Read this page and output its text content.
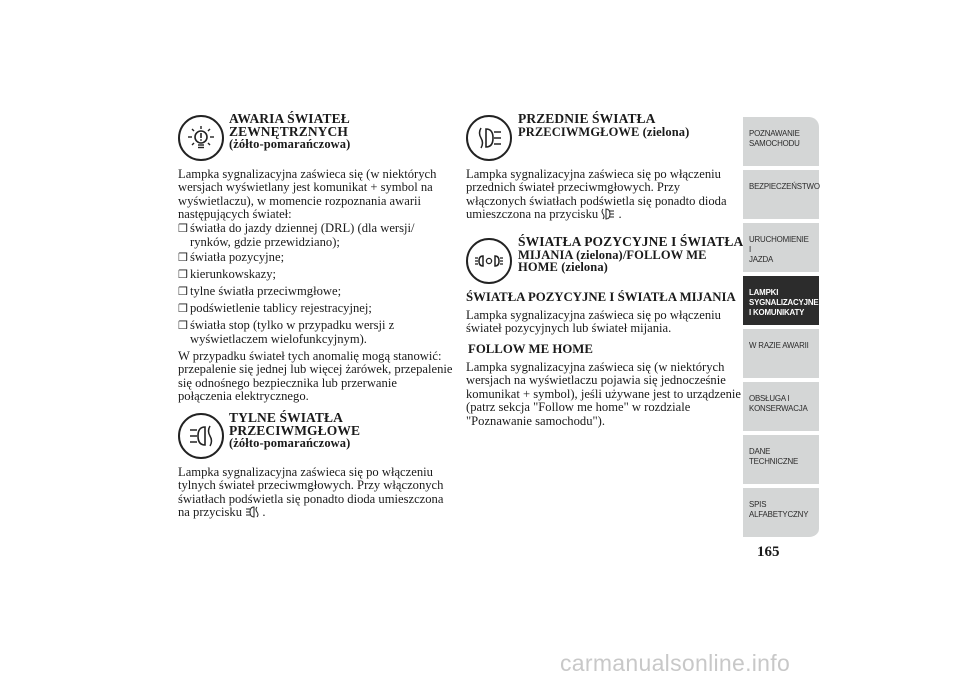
AWARIA ŚWIATEŁ
ZEWNĘTRZNYCH
(żółto-pomarańczowa)
Lampka sygnalizacyjna zaświeca się (w niektórych
wersjach wyświetlany jest komunikat + symbol na
wyświetlaczu), w momencie rozpoznania awarii
następujących świateł:
❒ światła do jazdy dziennej (DRL) (dla wersji/
rynków, gdzie przewidziano);
❒ światła pozycyjne;
❒ kierunkowskazy;
❒ tylne światła przeciwmgłowe;
❒ podświetlenie tablicy rejestracyjnej;
❒ światła stop (tylko w przypadku wersji z
wyświetlaczem wielofunkcyjnym).
W przypadku świateł tych anomalię mogą stanowić:
przepalenie się jednej lub więcej żarówek, przepalenie
się odnośnego bezpiecznika lub przerwanie
połączenia elektrycznego.
TYLNE ŚWIATŁA
PRZECIWMGŁOWE
(żółto-pomarańczowa)
Lampka sygnalizacyjna zaświeca się po włączeniu
tylnych świateł przeciwmgłowych. Przy włączonych
światłach podświetla się ponadto dioda umieszczona
na przycisku .
PRZEDNIE ŚWIATŁA
PRZECIWMGŁOWE (zielona)
Lampka sygnalizacyjna zaświeca się po włączeniu
przednich świateł przeciwmgłowych. Przy
włączonych światłach podświetla się ponadto dioda
umieszczona na przycisku .
ŚWIATŁA POZYCYJNE I ŚWIATŁA
MIJANIA (zielona)/FOLLOW ME
HOME (zielona)
ŚWIATŁA POZYCYJNE I ŚWIATŁA MIJANIA
Lampka sygnalizacyjna zaświeca się po włączeniu
świateł pozycyjnych lub świateł mijania.
FOLLOW ME HOME
Lampka sygnalizacyjna zaświeca się (w niektórych
wersjach na wyświetlaczu pojawia się jednocześnie
komunikat + symbol), jeśli używane jest to urządzenie
(patrz sekcja "Follow me home" w rozdziale
"Poznawanie samochodu").
POZNAWANIE
SAMOCHODU
BEZPIECZEŃSTWO
URUCHOMIENIE I
JAZDA
LAMPKI
SYGNALIZACYJNE
I KOMUNIKATY
W RAZIE AWARII
OBSŁUGA I
KONSERWACJA
DANE
TECHNICZNE
SPIS
ALFABETYCZNY
165
carmanualsonline.info
